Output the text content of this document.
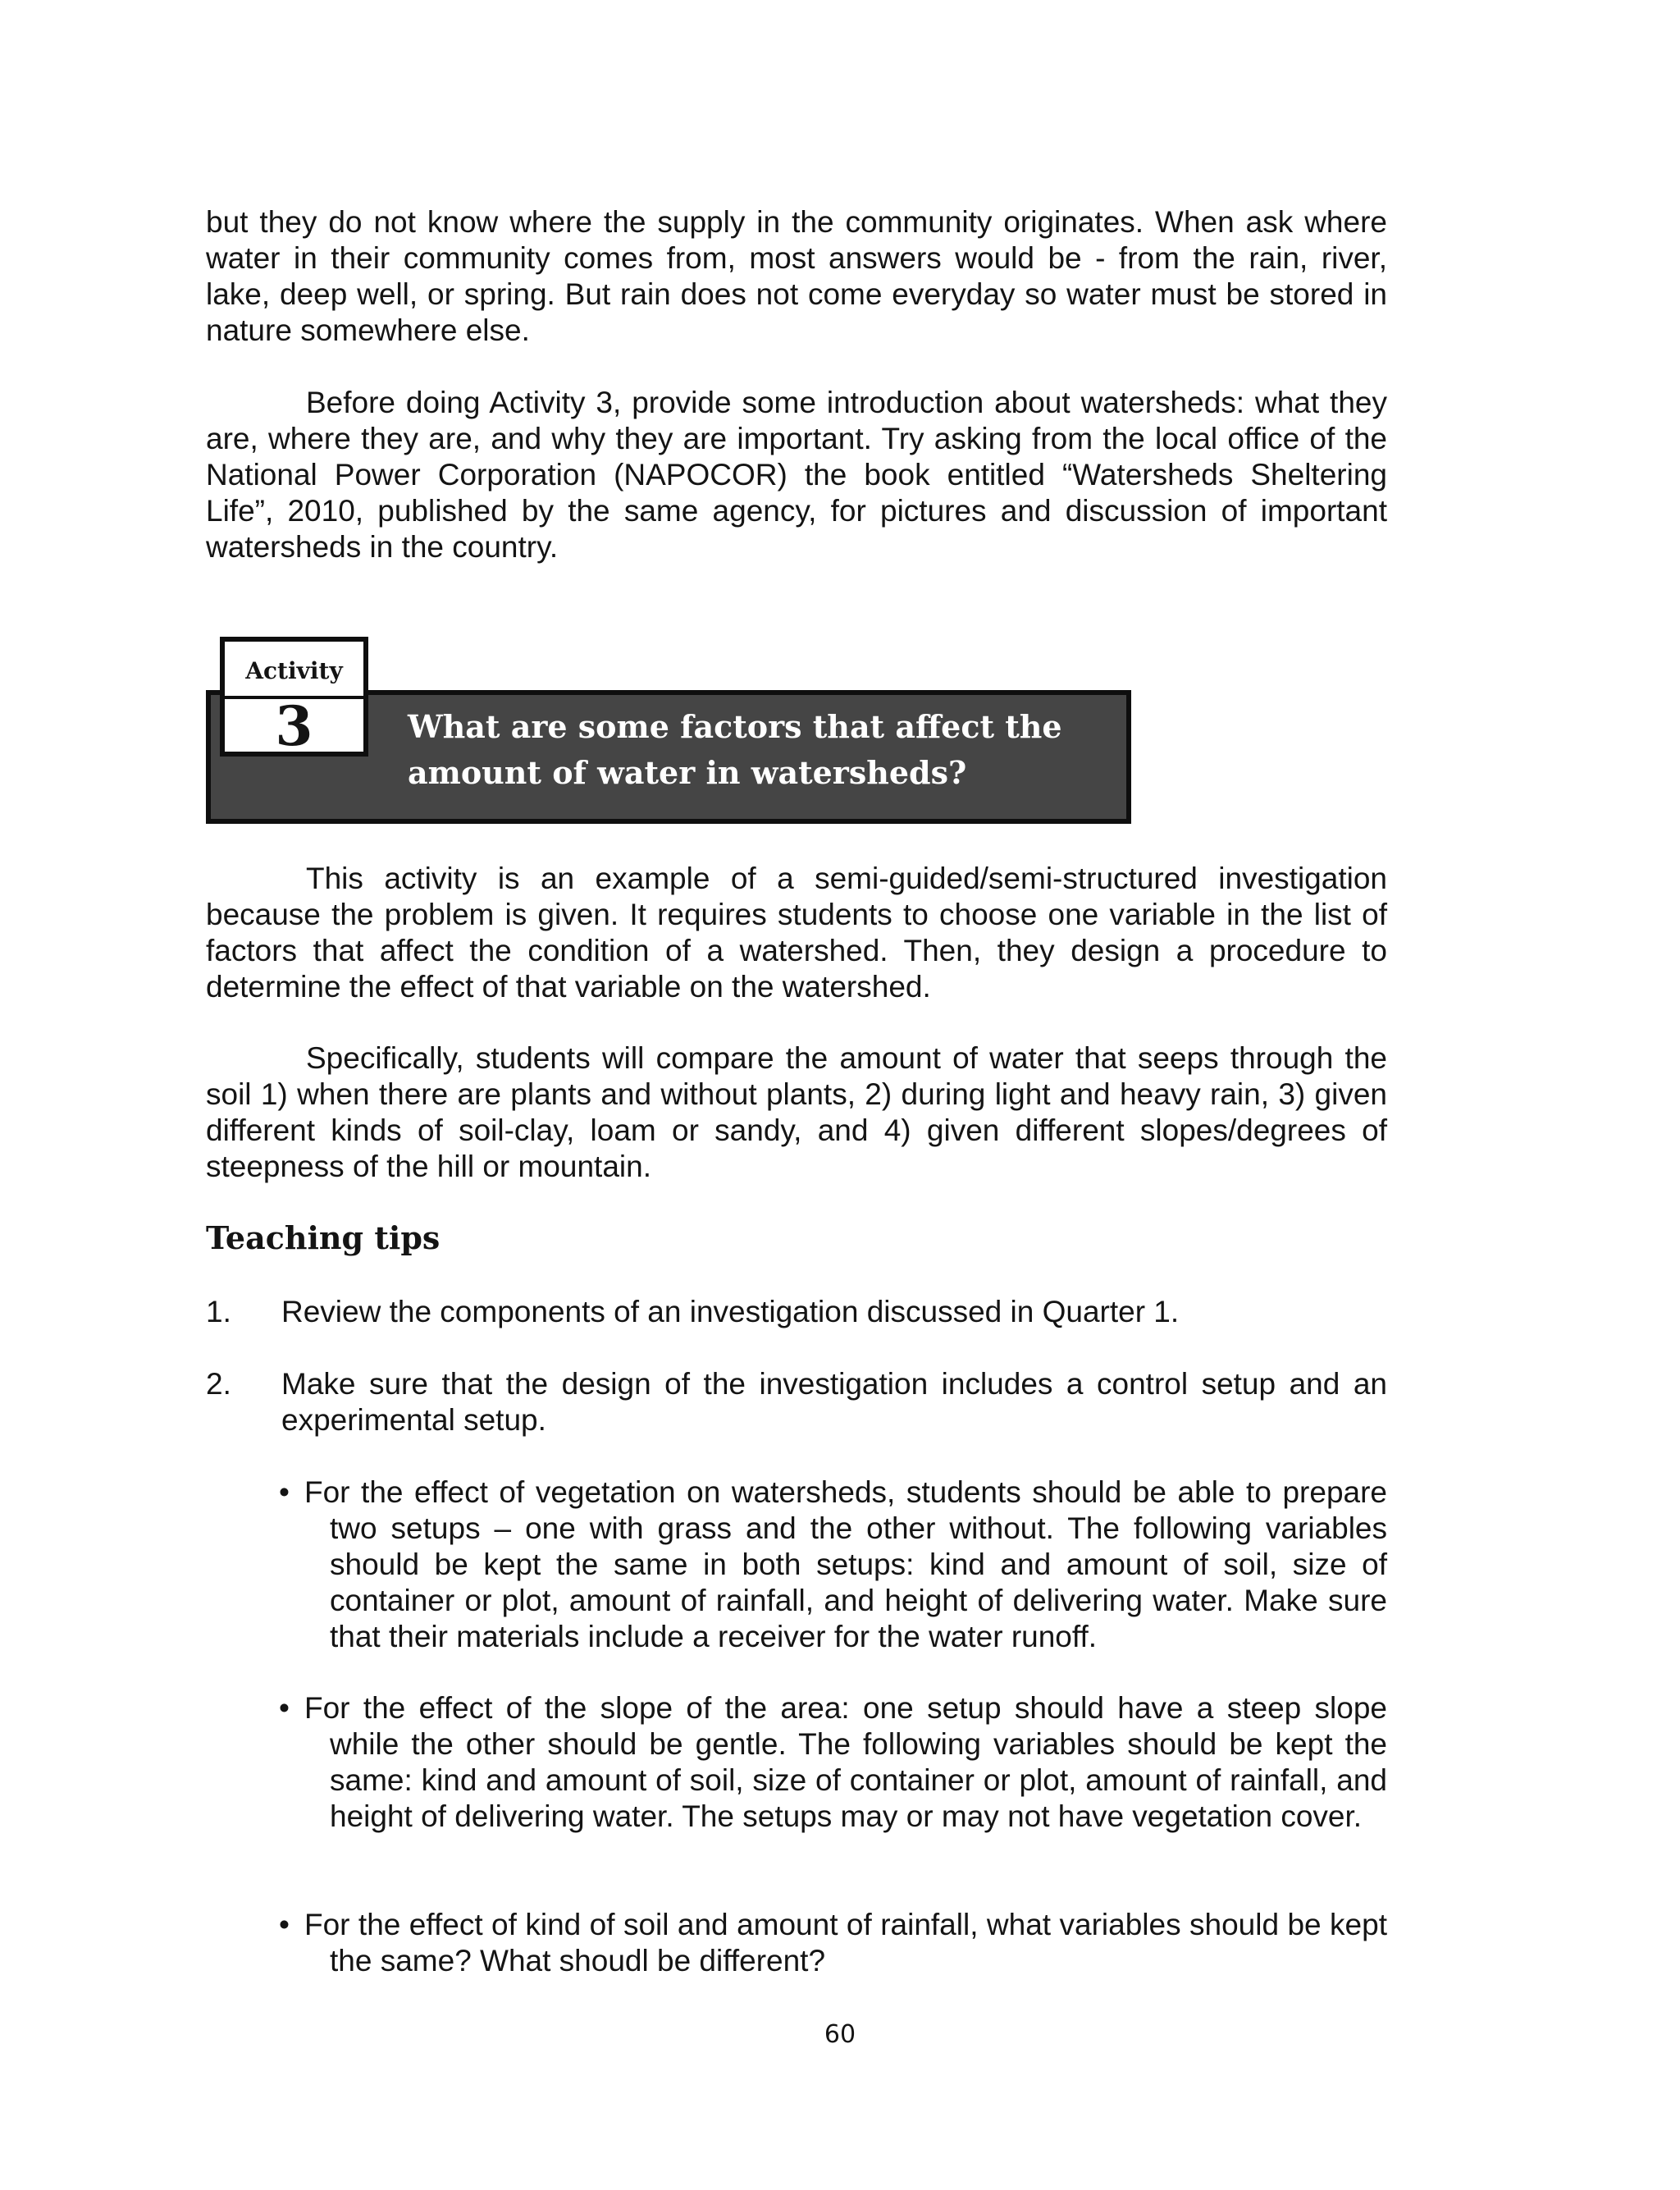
but they do not know where the supply in the community originates. When ask where water in their community comes from, most answers would be - from the rain, river, lake, deep well, or spring. But rain does not come everyday so water must be stored in nature somewhere else.

Before doing Activity 3, provide some introduction about watersheds: what they are, where they are, and why they are important. Try asking from the local office of the National Power Corporation (NAPOCOR) the book entitled “Watersheds Sheltering Life”, 2010, published by the same agency, for pictures and discussion of important watersheds in the country.

Activity
3	What are some factors that affect the amount of water in watersheds?

This activity is an example of a semi-guided/semi-structured investigation because the problem is given. It requires students to choose one variable in the list of factors that affect the condition of a watershed. Then, they design a procedure to determine the effect of that variable on the watershed.

Specifically, students will compare the amount of water that seeps through the soil 1) when there are plants and without plants, 2) during light and heavy rain, 3) given different kinds of soil-clay, loam or sandy, and 4) given different slopes/degrees of steepness of the hill or mountain.

Teaching tips
1. Review the components of an investigation discussed in Quarter 1.

2. Make sure that the design of the investigation includes a control setup and an experimental setup.

• For the effect of vegetation on watersheds, students should be able to prepare two setups – one with grass and the other without. The following variables should be kept the same in both setups: kind and amount of soil, size of container or plot, amount of rainfall, and height of delivering water. Make sure that their materials include a receiver for the water runoff.

• For the effect of the slope of the area: one setup should have a steep slope while the other should be gentle. The following variables should be kept the same: kind and amount of soil, size of container or plot, amount of rainfall, and height of delivering water. The setups may or may not have vegetation cover.

• For the effect of kind of soil and amount of rainfall, what variables should be kept the same? What shoudl be different?

60
